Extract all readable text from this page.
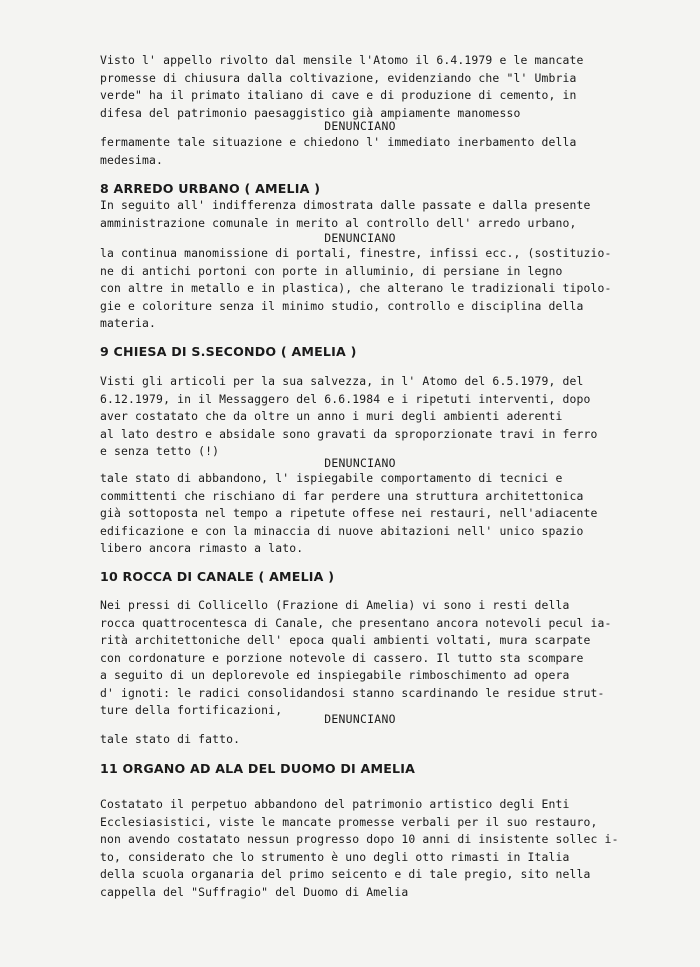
Visto l' appello rivolto dal mensile l'Atomo il 6.4.1979 e le mancate
promesse di chiusura dalla coltivazione, evidenziando che "l' Umbria
verde" ha il primato italiano di cave e di produzione di cemento, in
difesa del patrimonio paesaggistico già ampiamente manomesso
DENUNCIANO
fermamente tale situazione e chiedono l' immediato inerbamento della
medesima.
8 ARREDO URBANO ( AMELIA )
In seguito all' indifferenza dimostrata dalle passate e dalla presente
amministrazione comunale in merito al controllo dell' arredo urbano,
DENUNCIANO
la continua manomissione di portali, finestre, infissi ecc., (sostituzio-
ne di antichi portoni con porte in alluminio, di persiane in legno
con altre in metallo e in plastica), che alterano le tradizionali tipolo-
gie e coloriture senza il minimo studio, controllo e disciplina della
materia.
9 CHIESA DI S.SECONDO ( AMELIA )
Visti gli articoli per la sua salvezza, in l' Atomo del 6.5.1979, del
6.12.1979, in il Messaggero del 6.6.1984 e i ripetuti interventi, dopo
aver costatato che da oltre un anno i muri degli ambienti aderenti
al lato destro e absidale sono gravati da sproporzionate travi in ferro
e senza tetto (!)
DENUNCIANO
tale stato di abbandono, l' ispiegabile comportamento di tecnici e
committenti che rischiano di far perdere una struttura architettonica
già sottoposta nel tempo a ripetute offese nei restauri, nell'adiacente
edificazione e con la minaccia di nuove abitazioni nell' unico spazio
libero ancora rimasto a lato.
10 ROCCA DI CANALE ( AMELIA )
Nei pressi di Collicello (Frazione di Amelia) vi sono i resti della
rocca quattrocentesca di Canale, che presentano ancora notevoli pecul ia-
rità architettoniche dell' epoca quali ambienti voltati, mura scarpate
con cordonature e porzione notevole di cassero. Il tutto sta scompare
a seguito di un deplorevole ed inspiegabile rimboschimento ad opera
d' ignoti: le radici consolidandosi stanno scardinando le residue strut-
ture della fortificazioni,
DENUNCIANO
tale stato di fatto.
11 ORGANO AD ALA DEL DUOMO DI AMELIA
Costatato il perpetuo abbandono del patrimonio artistico degli Enti
Ecclesiasistici, viste le mancate promesse verbali per il suo restauro,
non avendo costatato nessun progresso dopo 10 anni di insistente sollec i-
to, considerato che lo strumento è uno degli otto rimasti in Italia
della scuola organaria del primo seicento e di tale pregio, sito nella
cappella del "Suffragio" del Duomo di Amelia
